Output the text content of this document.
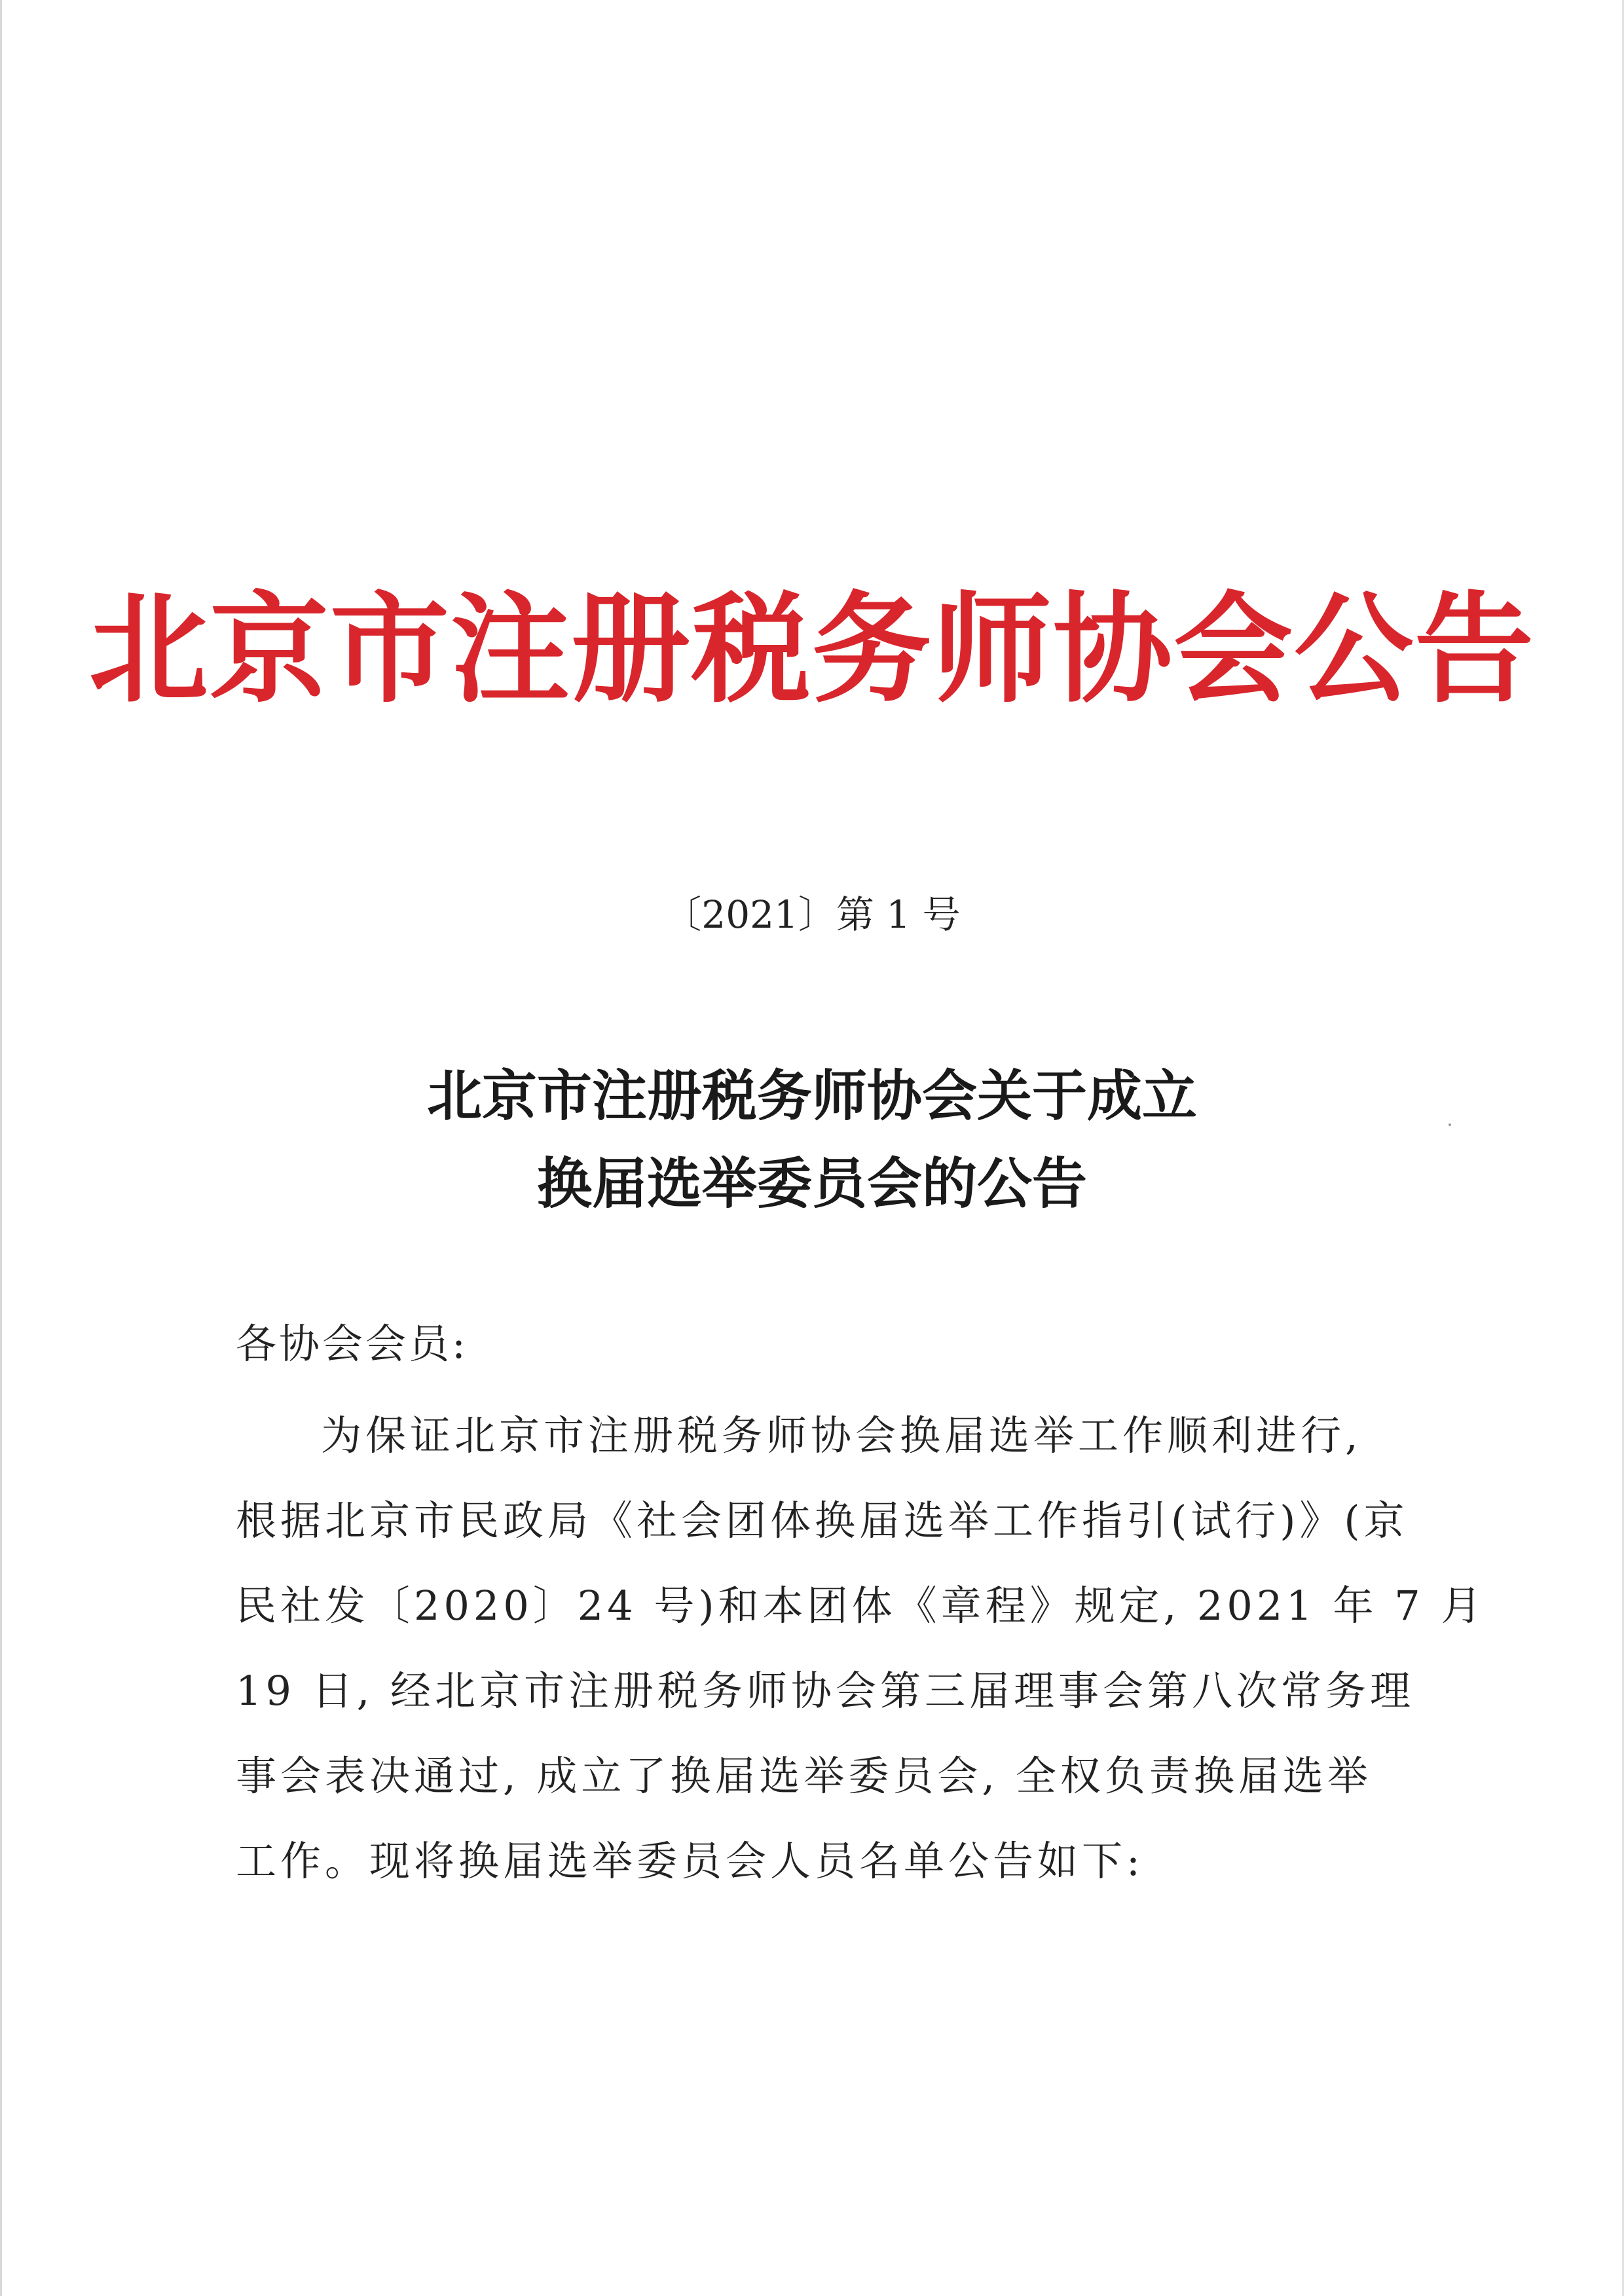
北京市注册税务师协会公告
〔2021〕第 1 号
北京市注册税务师协会关于成立
换届选举委员会的公告
各协会会员:
为保证北京市注册税务师协会换届选举工作顺利进行,
根据北京市民政局《社会团体换届选举工作指引(试行)》(京
民社发〔2020〕24 号)和本团体《章程》规定, 2021 年 7 月
19 日, 经北京市注册税务师协会第三届理事会第八次常务理
事会表决通过, 成立了换届选举委员会, 全权负责换届选举
工作。现将换届选举委员会人员名单公告如下:
